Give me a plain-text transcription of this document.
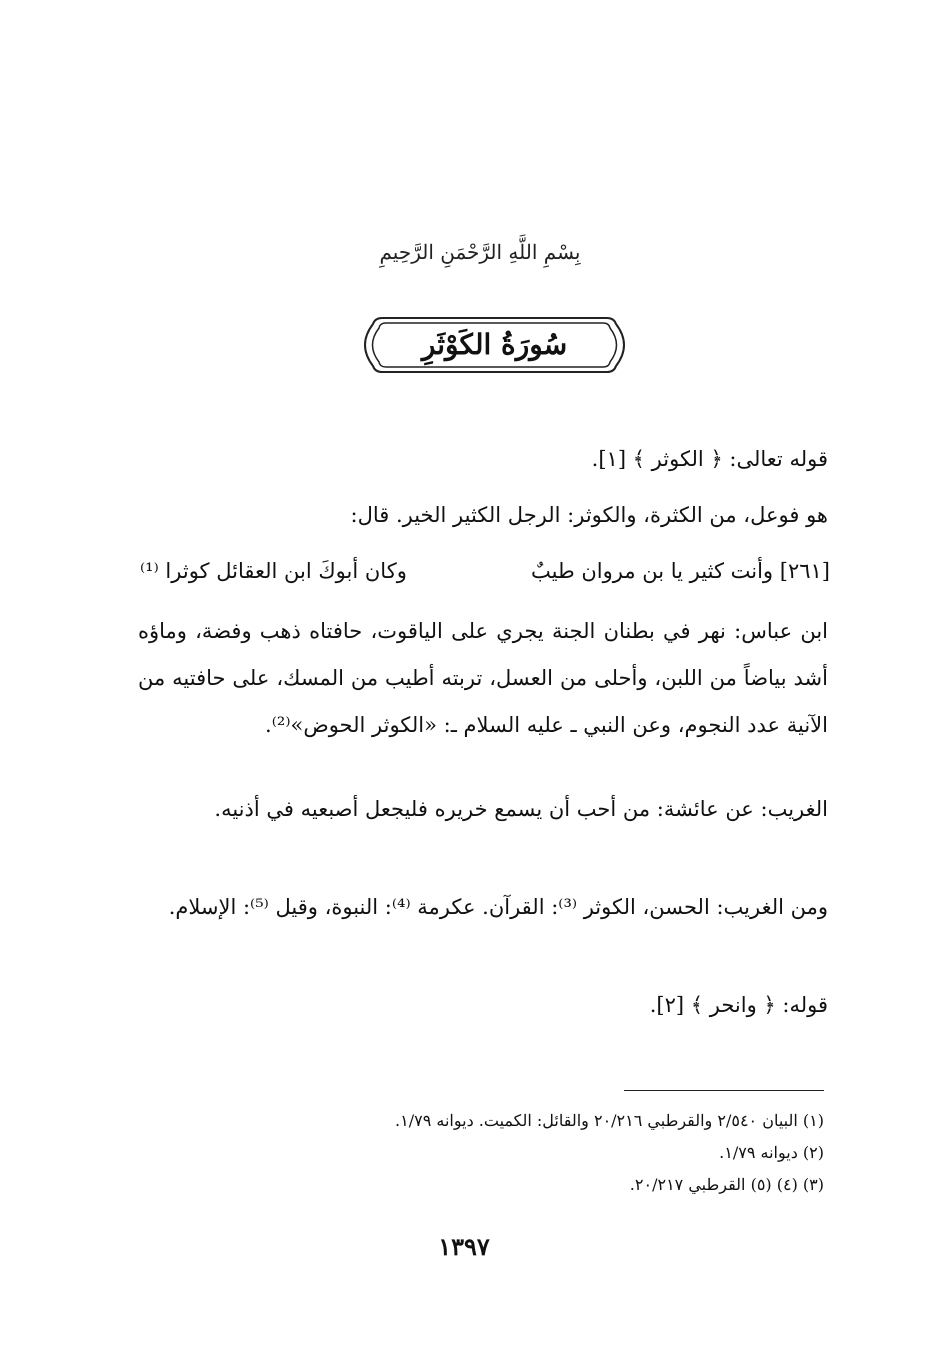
بِسْمِ اللَّهِ الرَّحْمَنِ الرَّحِيمِ
سُورَةُ الكَوْثَرِ
قوله تعالى: ﴿ الكوثر ﴾ [١].
هو فوعل، من الكثرة، والكوثر: الرجل الكثير الخير. قال:
[٢٦١] وأنت كثير يا بن مروان طيبٌ
وكان أبوكَ ابن العقائل كوثرا ⁽¹⁾
ابن عباس: نهر في بطنان الجنة يجري على الياقوت، حافتاه ذهب وفضة، وماؤه أشد بياضاً من اللبن، وأحلى من العسل، تربته أطيب من المسك، على حافتيه من الآنية عدد النجوم، وعن النبي ـ عليه السلام ـ: «الكوثر الحوض»⁽²⁾.
الغريب: عن عائشة: من أحب أن يسمع خريره فليجعل أصبعيه في أذنيه.
ومن الغريب: الحسن، الكوثر ⁽³⁾: القرآن. عكرمة ⁽⁴⁾: النبوة، وقيل ⁽⁵⁾: الإسلام.
قوله: ﴿ وانحر ﴾ [٢].
(١) البيان ٢/٥٤٠ والقرطبي ٢٠/٢١٦ والقائل: الكميت. ديوانه ١/٧٩.
(٢) ديوانه ١/٧٩.
(٣) (٤) (٥) القرطبي ٢٠/٢١٧.
١٣٩٧
